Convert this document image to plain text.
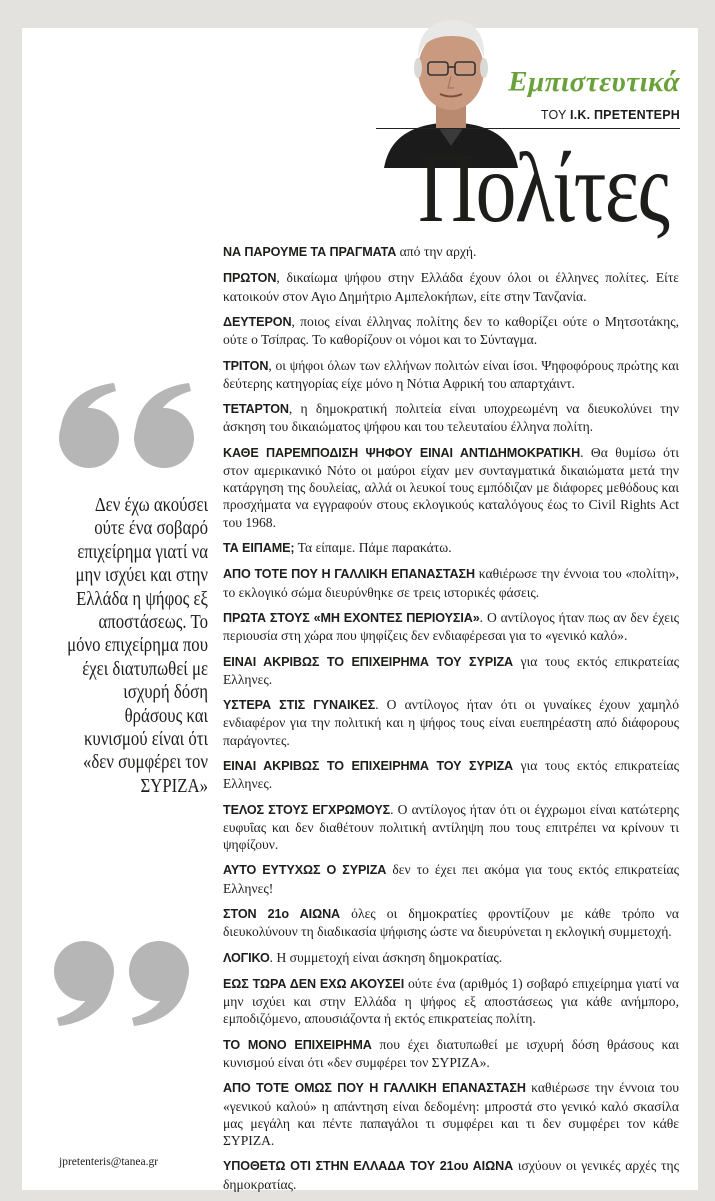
Εμπιστευτικά
ΤΟΥ Ι.Κ. ΠΡΕΤΕΝΤΕΡΗ
Πολίτες
Δεν έχω ακούσει ούτε ένα σοβαρό επιχείρημα γιατί να μην ισχύει και στην Ελλάδα η ψήφος εξ αποστάσεως. Το μόνο επιχείρημα που έχει διατυπωθεί με ισχυρή δόση θράσους και κυνισμού είναι ότι «δεν συμφέρει τον ΣΥΡΙΖΑ»
jpretenteris@tanea.gr

ΝΑ ΠΑΡΟΥΜΕ ΤΑ ΠΡΑΓΜΑΤΑ από την αρχή.

ΠΡΩΤΟΝ, δικαίωμα ψήφου στην Ελλάδα έχουν όλοι οι έλληνες πολίτες. Είτε κατοικούν στον Αγιο Δημήτριο Αμπελοκήπων, είτε στην Τανζανία.

ΔΕΥΤΕΡΟΝ, ποιος είναι έλληνας πολίτης δεν το καθορίζει ούτε ο Μητσοτάκης, ούτε ο Τσίπρας. Το καθορίζουν οι νόμοι και το Σύνταγμα.

ΤΡΙΤΟΝ, οι ψήφοι όλων των ελλήνων πολιτών είναι ίσοι. Ψηφοφόρους πρώτης και δεύτερης κατηγορίας είχε μόνο η Νότια Αφρική του απαρτχάιντ.

ΤΕΤΑΡΤΟΝ, η δημοκρατική πολιτεία είναι υποχρεωμένη να διευκολύνει την άσκηση του δικαιώματος ψήφου και του τελευταίου έλληνα πολίτη.

ΚΑΘΕ ΠΑΡΕΜΠΟΔΙΣΗ ΨΗΦΟΥ ΕΙΝΑΙ ΑΝΤΙΔΗΜΟΚΡΑΤΙΚΗ. Θα θυμίσω ότι στον αμερικανικό Νότο οι μαύροι είχαν μεν συνταγματικά δικαιώματα μετά την κατάργηση της δουλείας, αλλά οι λευκοί τους εμπόδιζαν με διάφορες μεθόδους και προσχήματα να εγγραφούν στους εκλογικούς καταλόγους έως το Civil Rights Act του 1968.

ΤΑ ΕΙΠΑΜΕ; Τα είπαμε. Πάμε παρακάτω.

ΑΠΟ ΤΟΤΕ ΠΟΥ Η ΓΑΛΛΙΚΗ ΕΠΑΝΑΣΤΑΣΗ καθιέρωσε την έννοια του «πολίτη», το εκλογικό σώμα διευρύνθηκε σε τρεις ιστορικές φάσεις.

ΠΡΩΤΑ ΣΤΟΥΣ «ΜΗ ΕΧΟΝΤΕΣ ΠΕΡΙΟΥΣΙΑ». Ο αντίλογος ήταν πως αν δεν έχεις περιουσία στη χώρα που ψηφίζεις δεν ενδιαφέρεσαι για το «γενικό καλό».

ΕΙΝΑΙ ΑΚΡΙΒΩΣ ΤΟ ΕΠΙΧΕΙΡΗΜΑ ΤΟΥ ΣΥΡΙΖΑ για τους εκτός επικρατείας Ελληνες.

ΥΣΤΕΡΑ ΣΤΙΣ ΓΥΝΑΙΚΕΣ. Ο αντίλογος ήταν ότι οι γυναίκες έχουν χαμηλό ενδιαφέρον για την πολιτική και η ψήφος τους είναι ευεπηρέαστη από διάφορους παράγοντες.

ΕΙΝΑΙ ΑΚΡΙΒΩΣ ΤΟ ΕΠΙΧΕΙΡΗΜΑ ΤΟΥ ΣΥΡΙΖΑ για τους εκτός επικρατείας Ελληνες.

ΤΕΛΟΣ ΣΤΟΥΣ ΕΓΧΡΩΜΟΥΣ. Ο αντίλογος ήταν ότι οι έγχρωμοι είναι κατώτερης ευφυΐας και δεν διαθέτουν πολιτική αντίληψη που τους επιτρέπει να κρίνουν τι ψηφίζουν.

ΑΥΤΟ ΕΥΤΥΧΩΣ Ο ΣΥΡΙΖΑ δεν το έχει πει ακόμα για τους εκτός επικρατείας Ελληνες!

ΣΤΟΝ 21ο ΑΙΩΝΑ όλες οι δημοκρατίες φροντίζουν με κάθε τρόπο να διευκολύνουν τη διαδικασία ψήφισης ώστε να διευρύνεται η εκλογική συμμετοχή.

ΛΟΓΙΚΟ. Η συμμετοχή είναι άσκηση δημοκρατίας.

ΕΩΣ ΤΩΡΑ ΔΕΝ ΕΧΩ ΑΚΟΥΣΕΙ ούτε ένα (αριθμός 1) σοβαρό επιχείρημα γιατί να μην ισχύει και στην Ελλάδα η ψήφος εξ αποστάσεως για κάθε ανήμπορο, εμποδιζόμενο, απουσιάζοντα ή εκτός επικρατείας πολίτη.

ΤΟ ΜΟΝΟ ΕΠΙΧΕΙΡΗΜΑ που έχει διατυπωθεί με ισχυρή δόση θράσους και κυνισμού είναι ότι «δεν συμφέρει τον ΣΥΡΙΖΑ».

ΑΠΟ ΤΟΤΕ ΟΜΩΣ ΠΟΥ Η ΓΑΛΛΙΚΗ ΕΠΑΝΑΣΤΑΣΗ καθιέρωσε την έννοια του «γενικού καλού» η απάντηση είναι δεδομένη: μπροστά στο γενικό καλό σκασίλα μας μεγάλη και πέντε παπαγάλοι τι συμφέρει και τι δεν συμφέρει τον κάθε ΣΥΡΙΖΑ.

ΥΠΟΘΕΤΩ ΟΤΙ ΣΤΗΝ ΕΛΛΑΔΑ ΤΟΥ 21ου ΑΙΩΝΑ ισχύουν οι γενικές αρχές της δημοκρατίας.
